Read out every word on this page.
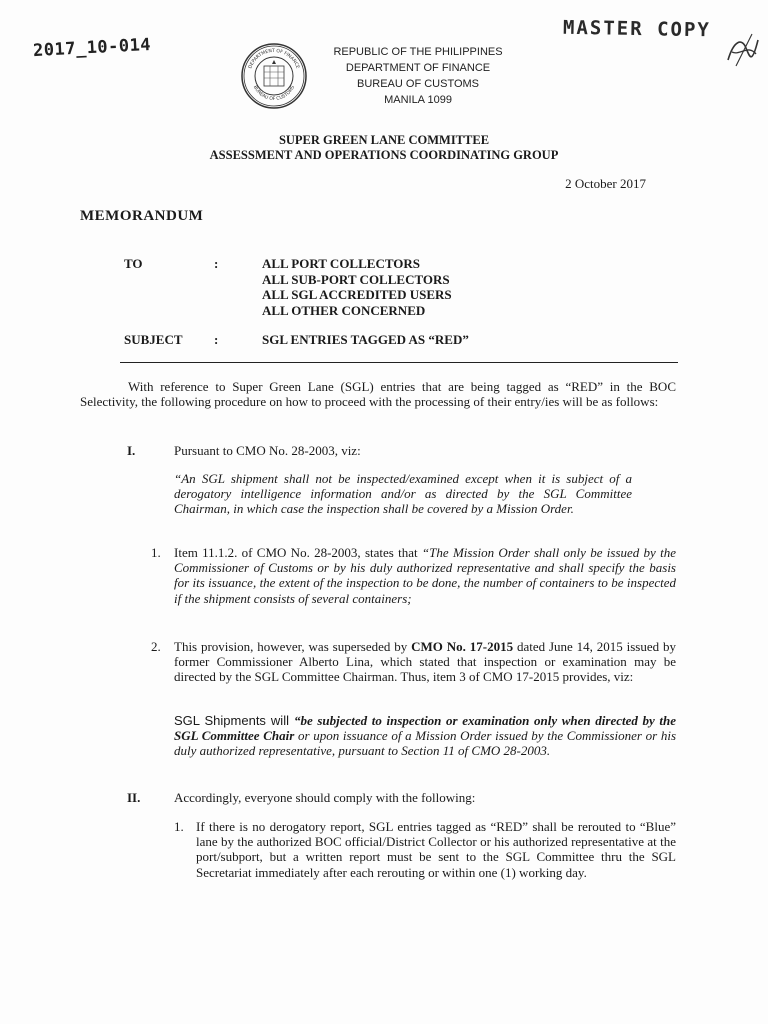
2017_10-014
MASTER COPY
DEPARTMENT OF FINANCE
BUREAU OF CUSTOMS
REPUBLIC OF THE PHILIPPINES
DEPARTMENT OF FINANCE
BUREAU OF CUSTOMS
MANILA 1099
SUPER GREEN LANE COMMITTEE
ASSESSMENT AND OPERATIONS COORDINATING GROUP
2 October 2017
MEMORANDUM
TO	:	ALL PORT COLLECTORS
ALL SUB-PORT COLLECTORS
ALL SGL ACCREDITED USERS
ALL OTHER CONCERNED
SUBJECT :	SGL ENTRIES TAGGED AS “RED”
With reference to Super Green Lane (SGL) entries that are being tagged as “RED” in the BOC Selectivity, the following procedure on how to proceed with the processing of their entry/ies will be as follows:
I.	Pursuant to CMO No. 28-2003, viz:
“An SGL shipment shall not be inspected/examined except when it is subject of a derogatory intelligence information and/or as directed by the SGL Committee Chairman, in which case the inspection shall be covered by a Mission Order.
1. Item 11.1.2. of CMO No. 28-2003, states that “The Mission Order shall only be issued by the Commissioner of Customs or by his duly authorized representative and shall specify the basis for its issuance, the extent of the inspection to be done, the number of containers to be inspected if the shipment consists of several containers;
2. This provision, however, was superseded by CMO No. 17-2015 dated June 14, 2015 issued by former Commissioner Alberto Lina, which stated that inspection or examination may be directed by the SGL Committee Chairman. Thus, item 3 of CMO 17-2015 provides, viz:
SGL Shipments will “be subjected to inspection or examination only when directed by the SGL Committee Chair or upon issuance of a Mission Order issued by the Commissioner or his duly authorized representative, pursuant to Section 11 of CMO 28-2003.
II.	Accordingly, everyone should comply with the following:
1. If there is no derogatory report, SGL entries tagged as “RED” shall be rerouted to “Blue” lane by the authorized BOC official/District Collector or his authorized representative at the port/subport, but a written report must be sent to the SGL Committee thru the SGL Secretariat immediately after each rerouting or within one (1) working day.
